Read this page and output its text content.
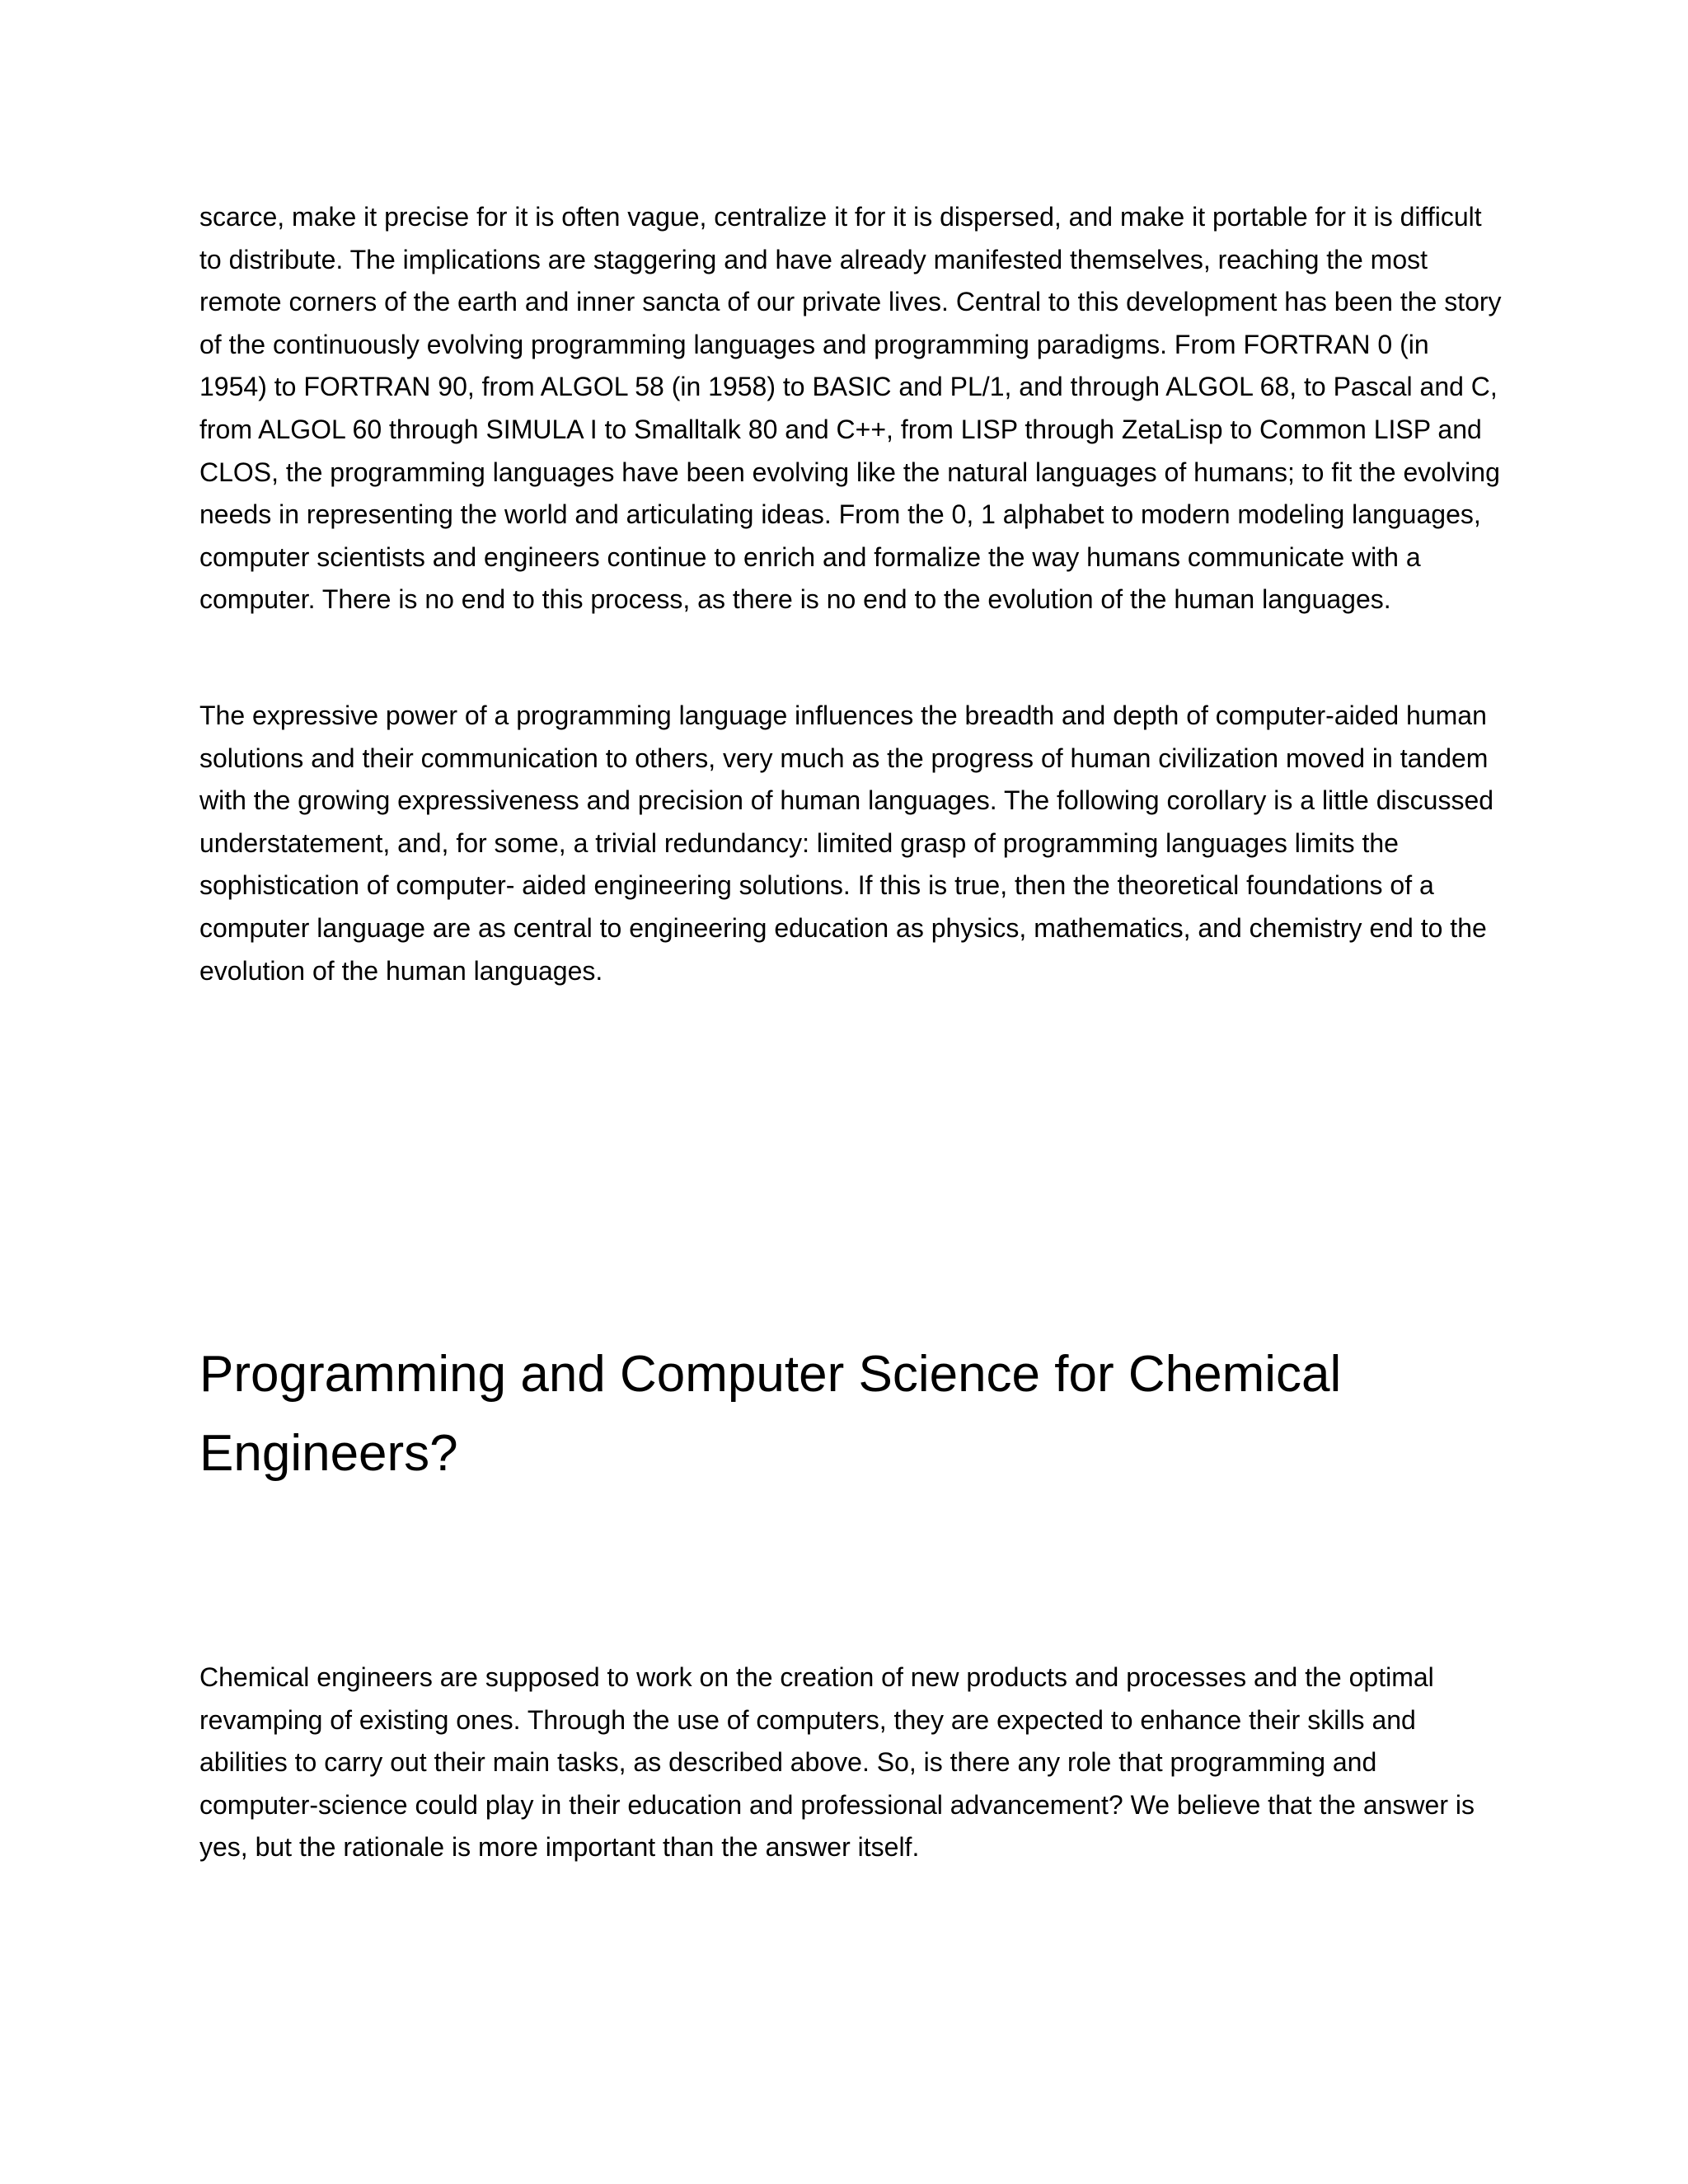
scarce, make it precise for it is often vague, centralize it for it is dispersed, and make it portable for it is difficult to distribute. The implications are staggering and have already manifested themselves, reaching the most remote corners of the earth and inner sancta of our private lives. Central to this development has been the story of the continuously evolving programming languages and programming paradigms. From FORTRAN 0 (in 1954) to FORTRAN 90, from ALGOL 58 (in 1958) to BASIC and PL/1, and through ALGOL 68, to Pascal and C, from ALGOL 60 through SIMULA I to Smalltalk 80 and C++, from LISP through ZetaLisp to Common LISP and CLOS, the programming languages have been evolving like the natural languages of humans; to fit the evolving needs in representing the world and articulating ideas. From the 0, 1 alphabet to modern modeling languages, computer scientists and engineers continue to enrich and formalize the way humans communicate with a computer. There is no end to this process, as there is no end to the evolution of the human languages.

The expressive power of a programming language influences the breadth and depth of computer-aided human solutions and their communication to others, very much as the progress of human civilization moved in tandem with the growing expressiveness and precision of human languages. The following corollary is a little discussed understatement, and, for some, a trivial redundancy: limited grasp of programming languages limits the sophistication of computer- aided engineering solutions. If this is true, then the theoretical foundations of a computer language are as central to engineering education as physics, mathematics, and chemistry end to the evolution of the human languages.

Programming and Computer Science for Chemical Engineers?

Chemical engineers are supposed to work on the creation of new products and processes and the optimal revamping of existing ones. Through the use of computers, they are expected to enhance their skills and abilities to carry out their main tasks, as described above. So, is there any role that programming and computer-science could play in their education and professional advancement? We believe that the answer is yes, but the rationale is more important than the answer itself.
